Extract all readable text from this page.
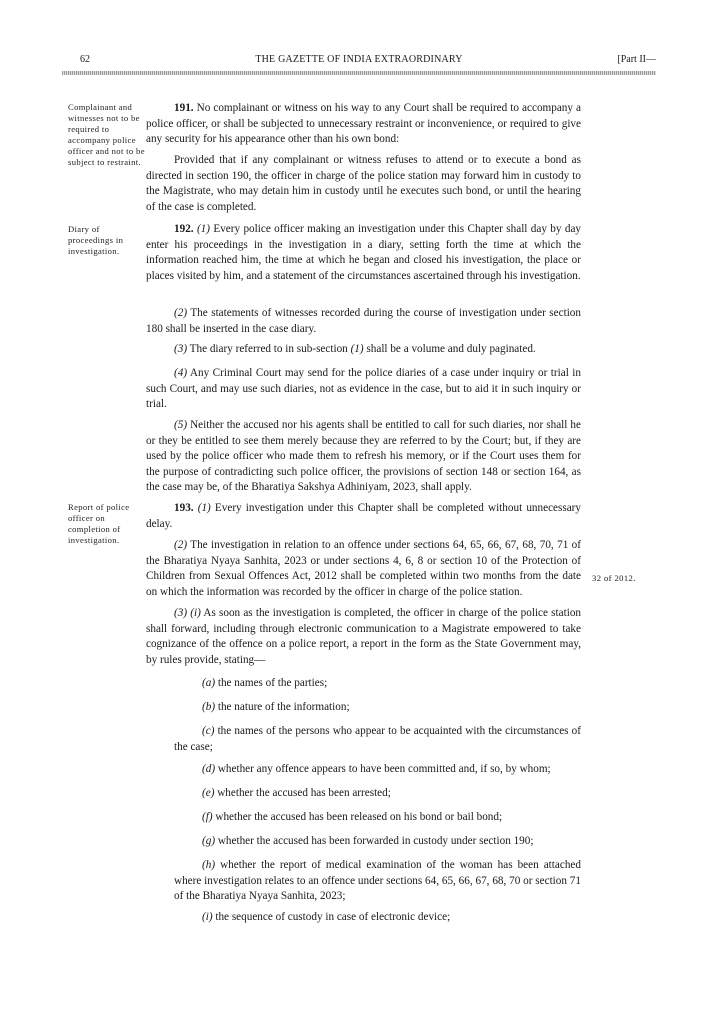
62	THE GAZETTE OF INDIA EXTRAORDINARY	[Part II—
Complainant and witnesses not to be required to accompany police officer and not to be subject to restraint.
Diary of proceedings in investigation.
Report of police officer on completion of investigation.
32 of 2012.
191. No complainant or witness on his way to any Court shall be required to accompany a police officer, or shall be subjected to unnecessary restraint or inconvenience, or required to give any security for his appearance other than his own bond:
Provided that if any complainant or witness refuses to attend or to execute a bond as directed in section 190, the officer in charge of the police station may forward him in custody to the Magistrate, who may detain him in custody until he executes such bond, or until the hearing of the case is completed.
192. (1) Every police officer making an investigation under this Chapter shall day by day enter his proceedings in the investigation in a diary, setting forth the time at which the information reached him, the time at which he began and closed his investigation, the place or places visited by him, and a statement of the circumstances ascertained through his investigation.
(2) The statements of witnesses recorded during the course of investigation under section 180 shall be inserted in the case diary.
(3) The diary referred to in sub-section (1) shall be a volume and duly paginated.
(4) Any Criminal Court may send for the police diaries of a case under inquiry or trial in such Court, and may use such diaries, not as evidence in the case, but to aid it in such inquiry or trial.
(5) Neither the accused nor his agents shall be entitled to call for such diaries, nor shall he or they be entitled to see them merely because they are referred to by the Court; but, if they are used by the police officer who made them to refresh his memory, or if the Court uses them for the purpose of contradicting such police officer, the provisions of section 148 or section 164, as the case may be, of the Bharatiya Sakshya Adhiniyam, 2023, shall apply.
193. (1) Every investigation under this Chapter shall be completed without unnecessary delay.
(2) The investigation in relation to an offence under sections 64, 65, 66, 67, 68, 70, 71 of the Bharatiya Nyaya Sanhita, 2023 or under sections 4, 6, 8 or section 10 of the Protection of Children from Sexual Offences Act, 2012 shall be completed within two months from the date on which the information was recorded by the officer in charge of the police station.
(3) (i) As soon as the investigation is completed, the officer in charge of the police station shall forward, including through electronic communication to a Magistrate empowered to take cognizance of the offence on a police report, a report in the form as the State Government may, by rules provide, stating—
(a) the names of the parties;
(b) the nature of the information;
(c) the names of the persons who appear to be acquainted with the circumstances of the case;
(d) whether any offence appears to have been committed and, if so, by whom;
(e) whether the accused has been arrested;
(f) whether the accused has been released on his bond or bail bond;
(g) whether the accused has been forwarded in custody under section 190;
(h) whether the report of medical examination of the woman has been attached where investigation relates to an offence under sections 64, 65, 66, 67, 68, 70 or section 71 of the Bharatiya Nyaya Sanhita, 2023;
(i) the sequence of custody in case of electronic device;
